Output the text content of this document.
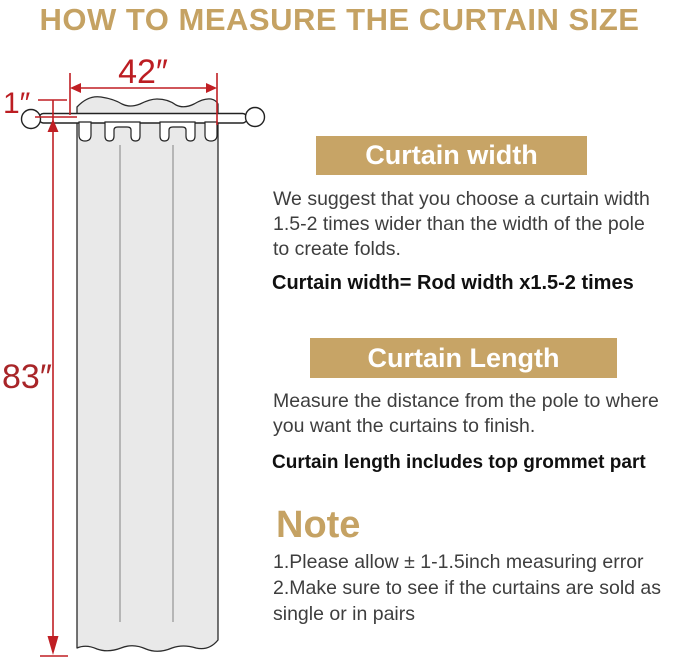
HOW TO MEASURE THE CURTAIN SIZE
42″
1″
83″
Curtain width
We suggest that you choose a curtain width 1.5-2 times wider than the width of the pole to create folds.
Curtain width= Rod width x1.5-2 times
Curtain Length
Measure the distance from the pole to where you want the curtains to finish.
Curtain length includes top grommet part
Note

1.Please allow ± 1-1.5inch measuring error

2.Make sure to see if the curtains are sold as single or in pairs
